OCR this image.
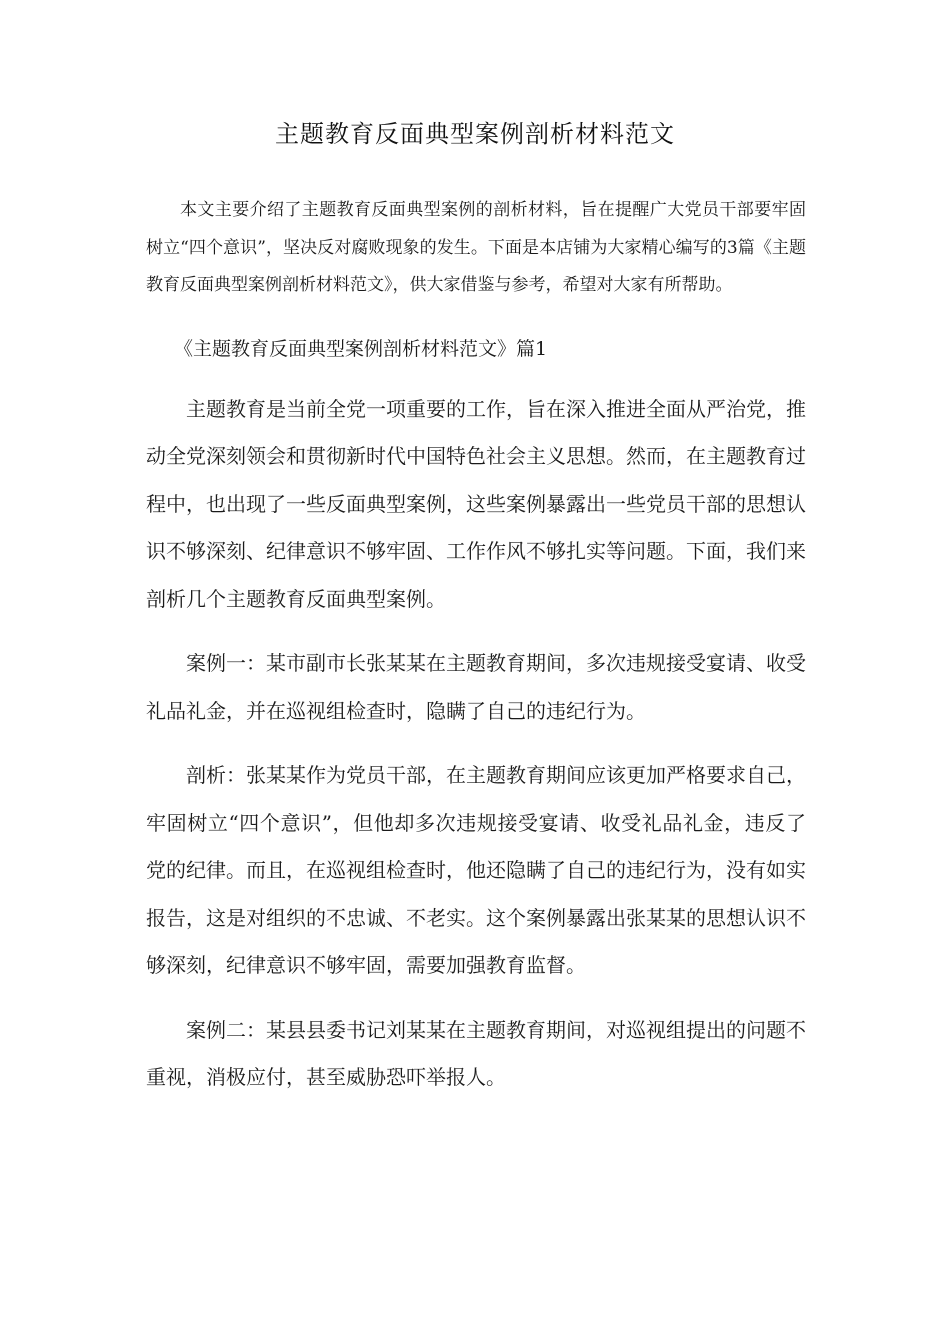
主题教育反面典型案例剖析材料范文

本文主要介绍了主题教育反面典型案例的剖析材料，旨在提醒广大党员干部要牢固树立“四个意识”，坚决反对腐败现象的发生。下面是本店铺为大家精心编写的3篇《主题教育反面典型案例剖析材料范文》，供大家借鉴与参考，希望对大家有所帮助。

《主题教育反面典型案例剖析材料范文》篇1

主题教育是当前全党一项重要的工作，旨在深入推进全面从严治党，推动全党深刻领会和贯彻新时代中国特色社会主义思想。然而，在主题教育过程中，也出现了一些反面典型案例，这些案例暴露出一些党员干部的思想认识不够深刻、纪律意识不够牢固、工作作风不够扎实等问题。下面，我们来剖析几个主题教育反面典型案例。

案例一：某市副市长张某某在主题教育期间，多次违规接受宴请、收受礼品礼金，并在巡视组检查时，隐瞒了自己的违纪行为。

剖析：张某某作为党员干部，在主题教育期间应该更加严格要求自己，牢固树立“四个意识”，但他却多次违规接受宴请、收受礼品礼金，违反了党的纪律。而且，在巡视组检查时，他还隐瞒了自己的违纪行为，没有如实报告，这是对组织的不忠诚、不老实。这个案例暴露出张某某的思想认识不够深刻，纪律意识不够牢固，需要加强教育监督。

案例二：某县县委书记刘某某在主题教育期间，对巡视组提出的问题不重视，消极应付，甚至威胁恐吓举报人。
